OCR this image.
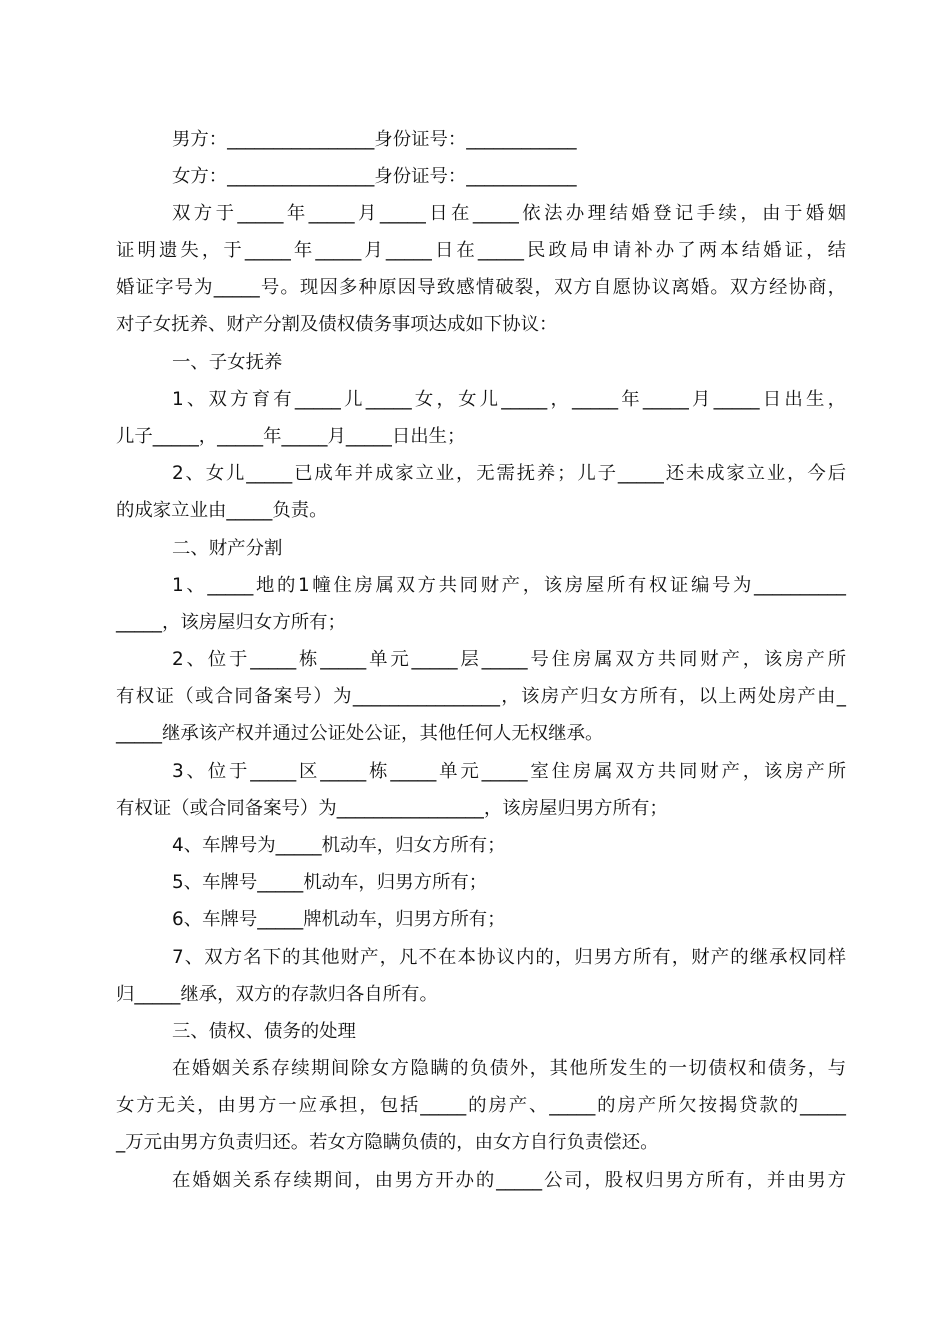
男方：________________身份证号：____________
女方：________________身份证号：____________
双方于_____年_____月_____日在_____依法办理结婚登记手续，由于婚姻
证明遗失，于_____年_____月_____日在_____民政局申请补办了两本结婚证，结
婚证字号为_____号。现因多种原因导致感情破裂，双方自愿协议离婚。双方经协商，
对子女抚养、财产分割及债权债务事项达成如下协议：
一、子女抚养
1、双方育有_____儿_____女，女儿_____，_____年_____月_____日出生，
儿子_____，_____年_____月_____日出生；
2、女儿_____已成年并成家立业，无需抚养；儿子_____还未成家立业，今后
的成家立业由_____负责。
二、财产分割
1、_____地的1幢住房属双方共同财产，该房屋所有权证编号为__________
_____，该房屋归女方所有；
2、位于_____栋_____单元_____层_____号住房属双方共同财产，该房产所
有权证（或合同备案号）为________________，该房产归女方所有，以上两处房产由_
_____继承该产权并通过公证处公证，其他任何人无权继承。
3、位于_____区_____栋_____单元_____室住房属双方共同财产，该房产所
有权证（或合同备案号）为________________，该房屋归男方所有；
4、车牌号为_____机动车，归女方所有；
5、车牌号_____机动车，归男方所有；
6、车牌号_____牌机动车，归男方所有；
7、双方名下的其他财产，凡不在本协议内的，归男方所有，财产的继承权同样
归_____继承，双方的存款归各自所有。
三、债权、债务的处理
在婚姻关系存续期间除女方隐瞒的负债外，其他所发生的一切债权和债务，与
女方无关，由男方一应承担，包括_____的房产、_____的房产所欠按揭贷款的_____
_万元由男方负责归还。若女方隐瞒负债的，由女方自行负责偿还。
在婚姻关系存续期间，由男方开办的_____公司，股权归男方所有，并由男方
